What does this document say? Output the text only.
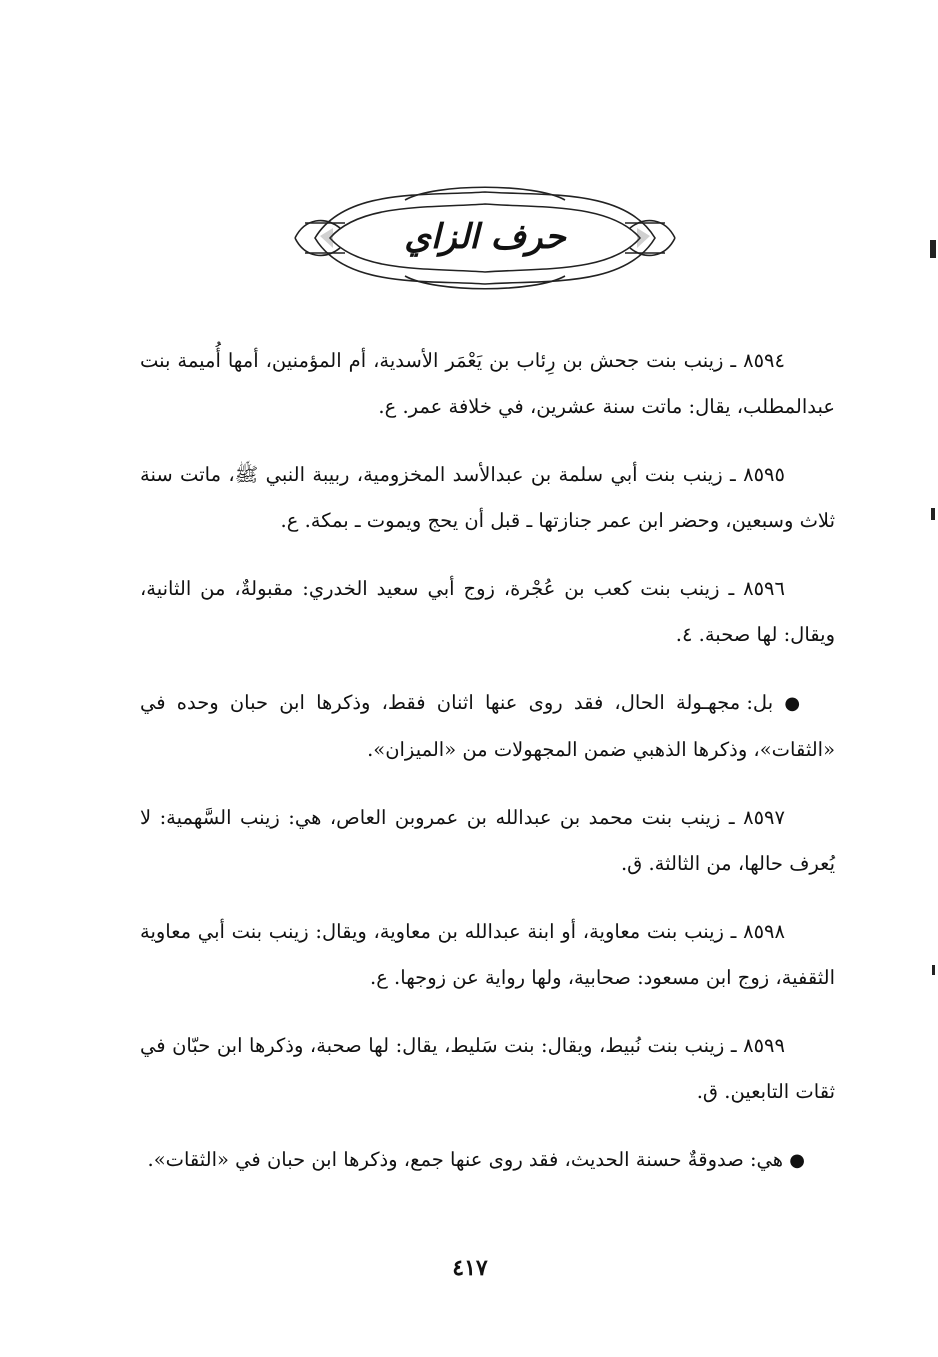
حرف الزاي

٨٥٩٤ ـ زينب بنت جحش بن رِئاب بن يَعْمَر الأسدية، أم المؤمنين، أمها أُميمة بنت عبدالمطلب، يقال: ماتت سنة عشرين، في خلافة عمر. ع.

٨٥٩٥ ـ زينب بنت أبي سلمة بن عبدالأسد المخزومية، ربيبة النبي ﷺ، ماتت سنة ثلاث وسبعين، وحضر ابن عمر جنازتها ـ قبل أن يحج ويموت ـ بمكة. ع.

٨٥٩٦ ـ زينب بنت كعب بن عُجْرة، زوج أبي سعيد الخدري: مقبولةٌ، من الثانية، ويقال: لها صحبة. ٤.

● بل: مجهـولة الحال، فقد روى عنها اثنان فقط، وذكرها ابن حبان وحده في «الثقات»، وذكرها الذهبي ضمن المجهولات من «الميزان».

٨٥٩٧ ـ زينب بنت محمد بن عبدالله بن عمروبن العاص، هي: زينب السَّهمية: لا يُعرف حالها، من الثالثة. ق.

٨٥٩٨ ـ زينب بنت معاوية، أو ابنة عبدالله بن معاوية، ويقال: زينب بنت أبي معاوية الثقفية، زوج ابن مسعود: صحابية، ولها رواية عن زوجها. ع.

٨٥٩٩ ـ زينب بنت نُبيط، ويقال: بنت سَليط، يقال: لها صحبة، وذكرها ابن حبّان في ثقات التابعين. ق.

● هي: صدوقةٌ حسنة الحديث، فقد روى عنها جمع، وذكرها ابن حبان في «الثقات».

٤١٧
